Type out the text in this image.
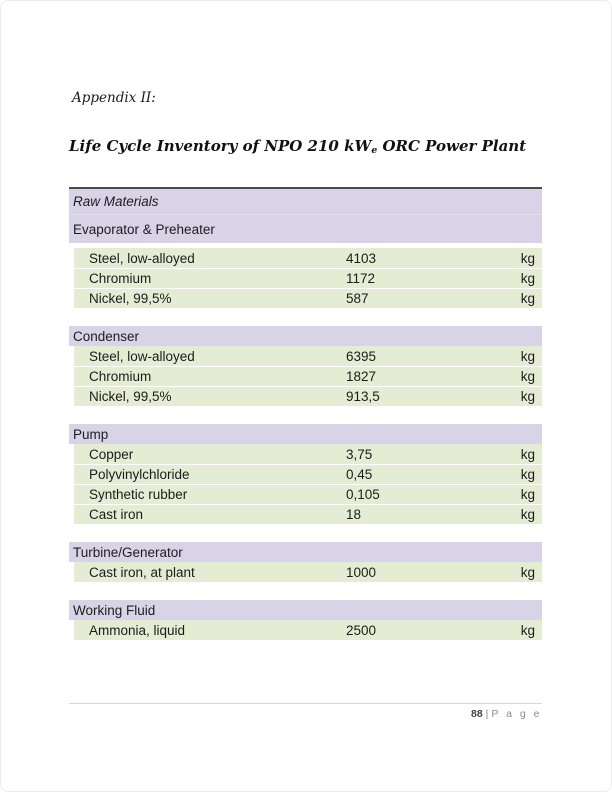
Appendix II:

Life Cycle Inventory of NPO 210 $kW_e$ ORC Power Plant

Raw Materials
Evaporator & Preheater
Steel, low-alloyed	4103	kg
Chromium	1172	kg
Nickel, 99,5%	587	kg
Condenser
Steel, low-alloyed	6395	kg
Chromium	1827	kg
Nickel, 99,5%	913,5	kg
Pump
Copper	3,75	kg
Polyvinylchloride	0,45	kg
Synthetic rubber	0,105	kg
Cast iron	18	kg
Turbine/Generator
Cast iron, at plant	1000	kg
Working Fluid
Ammonia, liquid	2500	kg
88 | P a g e
